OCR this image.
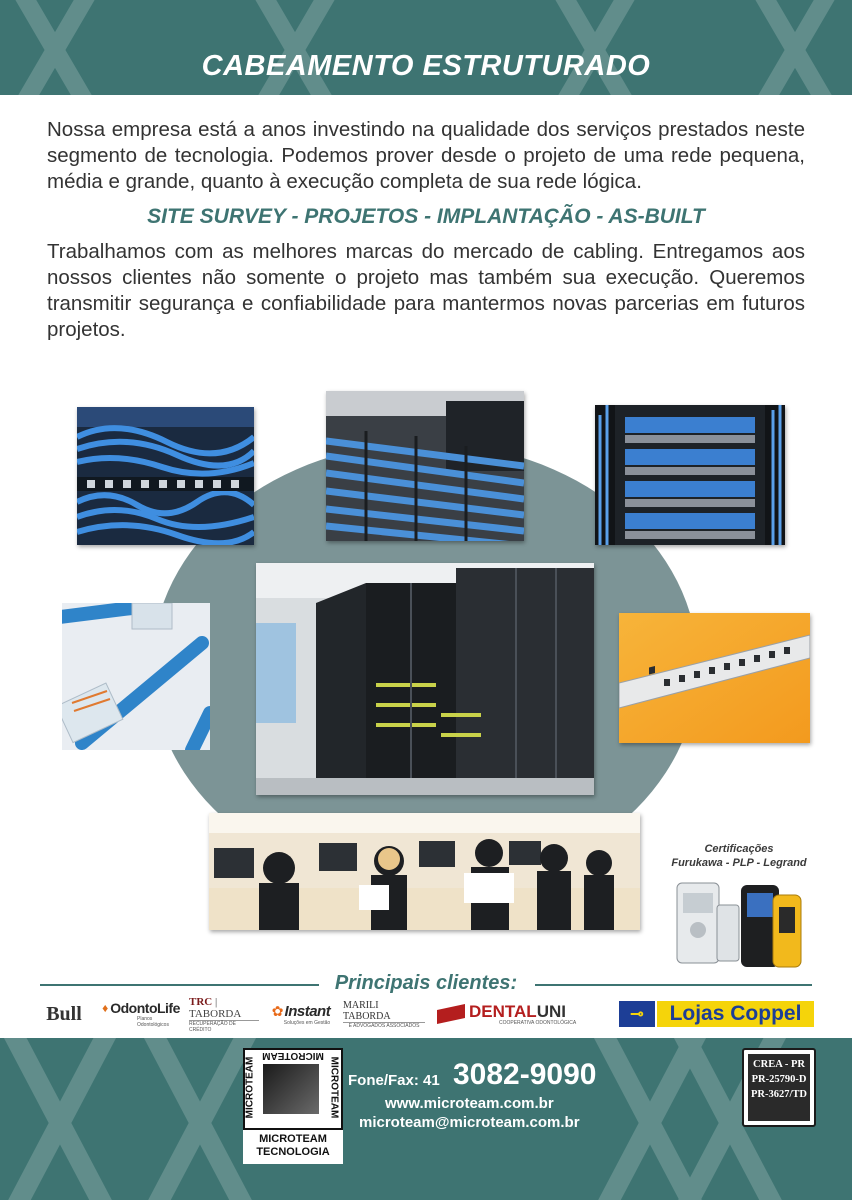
CABEAMENTO ESTRUTURADO
Nossa empresa está a anos investindo na qualidade dos serviços prestados neste segmento de tecnologia. Podemos prover desde o projeto de uma rede pequena, média e grande, quanto à execução completa de sua rede lógica.
SITE SURVEY - PROJETOS - IMPLANTAÇÃO - AS-BUILT
Trabalhamos com as melhores marcas do mercado de cabling. Entregamos aos nossos clientes não somente o projeto mas também sua execução. Queremos transmitir segurança e confiabilidade para mantermos novas parcerias em futuros projetos.
Certificações
Furukawa - PLP - Legrand
Principais clientes:
Bull ♦ OdontoLife
Planos Odontológicos
TRC | TABORDA
RECUPERAÇÃO DE CRÉDITO
✿ Instant
Soluções em Gestão
MARILI TABORDA
E ADVOGADOS ASSOCIADOS
DENTALUNI
COOPERATIVA ODONTOLÓGICA	⊸	Lojas Coppel
MICROTEAM
MICROTEAM	MICROTEAM
MICROTEAM
TECNOLOGIA
Fone/Fax: 41 3082-9090
www.microteam.com.br
microteam@microteam.com.br
CREA - PR
PR-25790-D
PR-3627/TD
